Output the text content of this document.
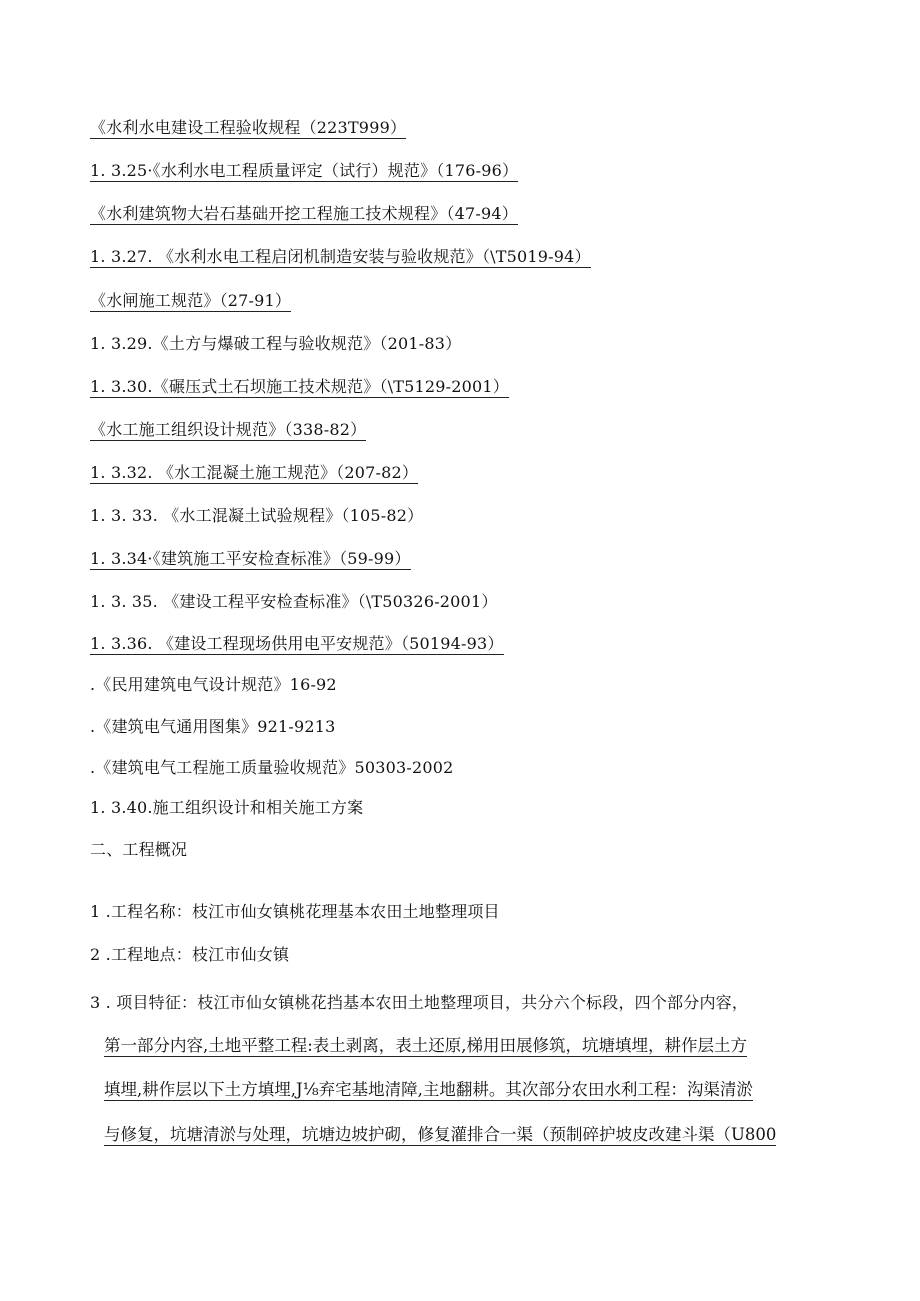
《水利水电建设工程验收规程（223T999）
1. 3.25·《水利水电工程质量评定（试行）规范》（176-96）
《水利建筑物大岩石基础开挖工程施工技术规程》（47-94）
1. 3.27. 《水利水电工程启闭机制造安装与验收规范》（\T5019-94）
《水闸施工规范》（27-91）
1. 3.29.《土方与爆破工程与验收规范》（201-83）
1. 3.30.《碾压式土石坝施工技术规范》（\T5129-2001）
《水工施工组织设计规范》（338-82）
1. 3.32. 《水工混凝土施工规范》（207-82）
1. 3. 33. 《水工混凝土试验规程》（105-82）
1. 3.34·《建筑施工平安检查标准》（59-99）
1. 3. 35. 《建设工程平安检查标准》（\T50326-2001）
1. 3.36. 《建设工程现场供用电平安规范》（50194-93）
.《民用建筑电气设计规范》16-92
.《建筑电气通用图集》921-9213
.《建筑电气工程施工质量验收规范》50303-2002
1. 3.40.施工组织设计和相关施工方案
二、工程概况
1 .工程名称：枝江市仙女镇桃花理基本农田土地整理项目
2 .工程地点：枝江市仙女镇
3 . 项目特征：枝江市仙女镇桃花挡基本农田土地整理项目，共分六个标段，四个部分内容，
第一部分内容,土地平整工程:表土剥离，表土还原,梯用田展修筑，坑塘填埋，耕作层土方
填埋,耕作层以下土方填埋,J⅛弃宅基地清障,主地翻耕。其次部分农田水利工程：沟渠清淤
与修复，坑塘清淤与处理，坑塘边坡护砌，修复灌排合一渠（预制碎护坡皮改建斗渠（U800
